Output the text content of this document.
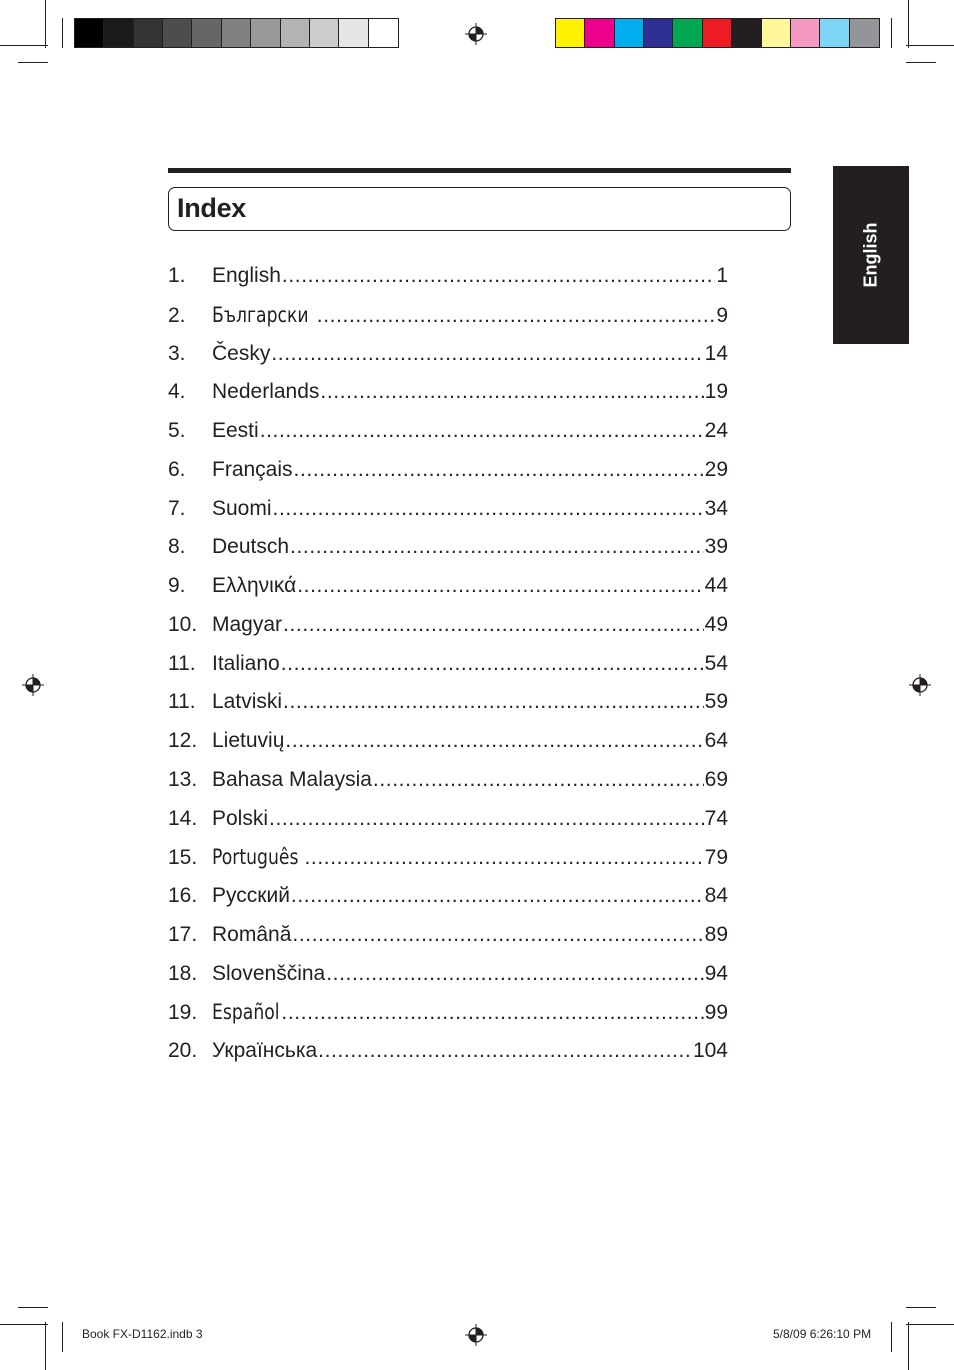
Index
English
1.	English .....	1
2.	Български .....	9
3.	Česky .....	14
4.	Nederlands .....	19
5.	Eesti .....	24
6.	Français .....	29
7.	Suomi .....	34
8.	Deutsch .....	39
9.	Ελληνικά .....	44
10. Magyar .....	49
11. Italiano .....	54
11. Latviski .....	59
12. Lietuvių .....	64
13. Bahasa Malaysia .....	69
14. Polski .....	74
15. Português .....	79
16. Русский .....	84
17. Română .....	89
18. Slovenščina .....	94
19. Español .....	99
20. Українська .....	104
Book FX-D1162.indb 3	5/8/09 6:26:10 PM
